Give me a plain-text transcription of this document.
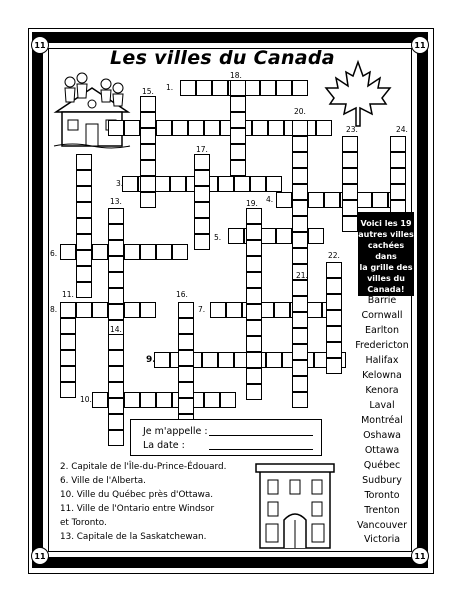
11	11
11	11
Les villes du Canada
1.
3.
4.
5.
6.
7.
8.
9.
10.
11.
13.
14.
15.
16.
17.
18.
19.
20.
21.
22.
23.	24.
Voici les 19
autres villes
cachées dans
la grille des
villes du
Canada!
Barrie
Cornwall
Earlton
Fredericton
Halifax
Kelowna
Kenora
Laval
Montréal
Oshawa
Ottawa
Québec
Sudbury
Toronto
Trenton
Vancouver
Victoria
Je m'appelle :
La date :
2. Capitale de l'Île-du-Prince-Édouard.
6. Ville de l'Alberta.
10. Ville du Québec près d'Ottawa.
11. Ville de l'Ontario entre Windsor
et Toronto.
13. Capitale de la Saskatchewan.
